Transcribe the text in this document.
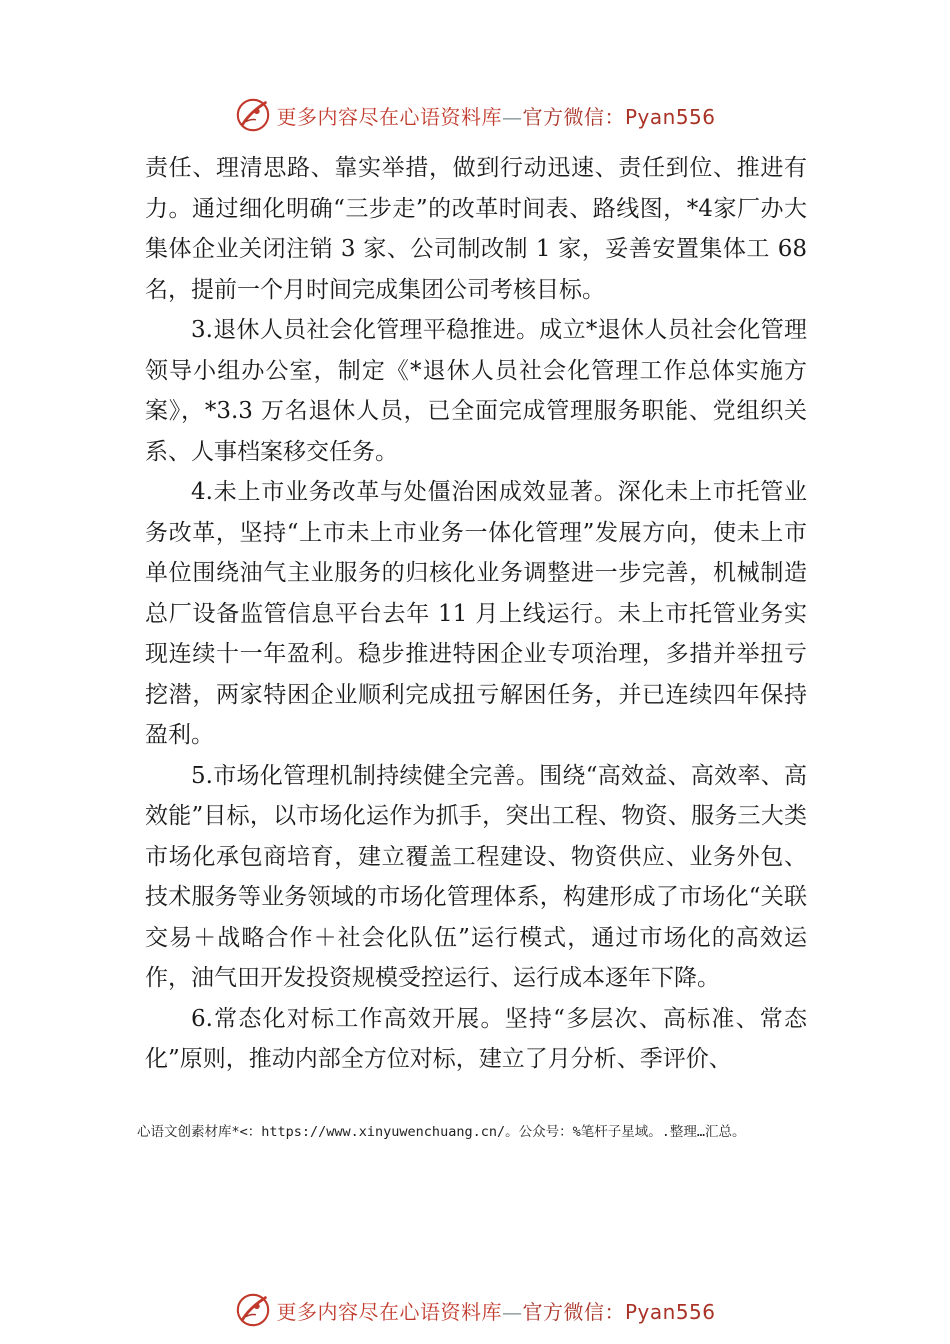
更多内容尽在心语资料库—官方微信：Pyan556

责任、理清思路、靠实举措，做到行动迅速、责任到位、推进有力。通过细化明确“三步走”的改革时间表、路线图，*4家厂办大集体企业关闭注销 3 家、公司制改制 1 家，妥善安置集体工 68 名，提前一个月时间完成集团公司考核目标。

3.退休人员社会化管理平稳推进。成立*退休人员社会化管理领导小组办公室，制定《*退休人员社会化管理工作总体实施方案》，*3.3 万名退休人员，已全面完成管理服务职能、党组织关系、人事档案移交任务。

4.未上市业务改革与处僵治困成效显著。深化未上市托管业务改革，坚持“上市未上市业务一体化管理”发展方向，使未上市单位围绕油气主业服务的归核化业务调整进一步完善，机械制造总厂设备监管信息平台去年 11 月上线运行。未上市托管业务实现连续十一年盈利。稳步推进特困企业专项治理，多措并举扭亏挖潜，两家特困企业顺利完成扭亏解困任务，并已连续四年保持盈利。

5.市场化管理机制持续健全完善。围绕“高效益、高效率、高效能”目标，以市场化运作为抓手，突出工程、物资、服务三大类市场化承包商培育，建立覆盖工程建设、物资供应、业务外包、技术服务等业务领域的市场化管理体系，构建形成了市场化“关联交易＋战略合作＋社会化队伍”运行模式，通过市场化的高效运作，油气田开发投资规模受控运行、运行成本逐年下降。

6.常态化对标工作高效开展。坚持“多层次、高标准、常态化”原则，推动内部全方位对标，建立了月分析、季评价、

心语文创素材库*<：https://www.xinyuwenchuang.cn/。公众号：%笔杆子星域。.整理…汇总。
更多内容尽在心语资料库—官方微信：Pyan556
